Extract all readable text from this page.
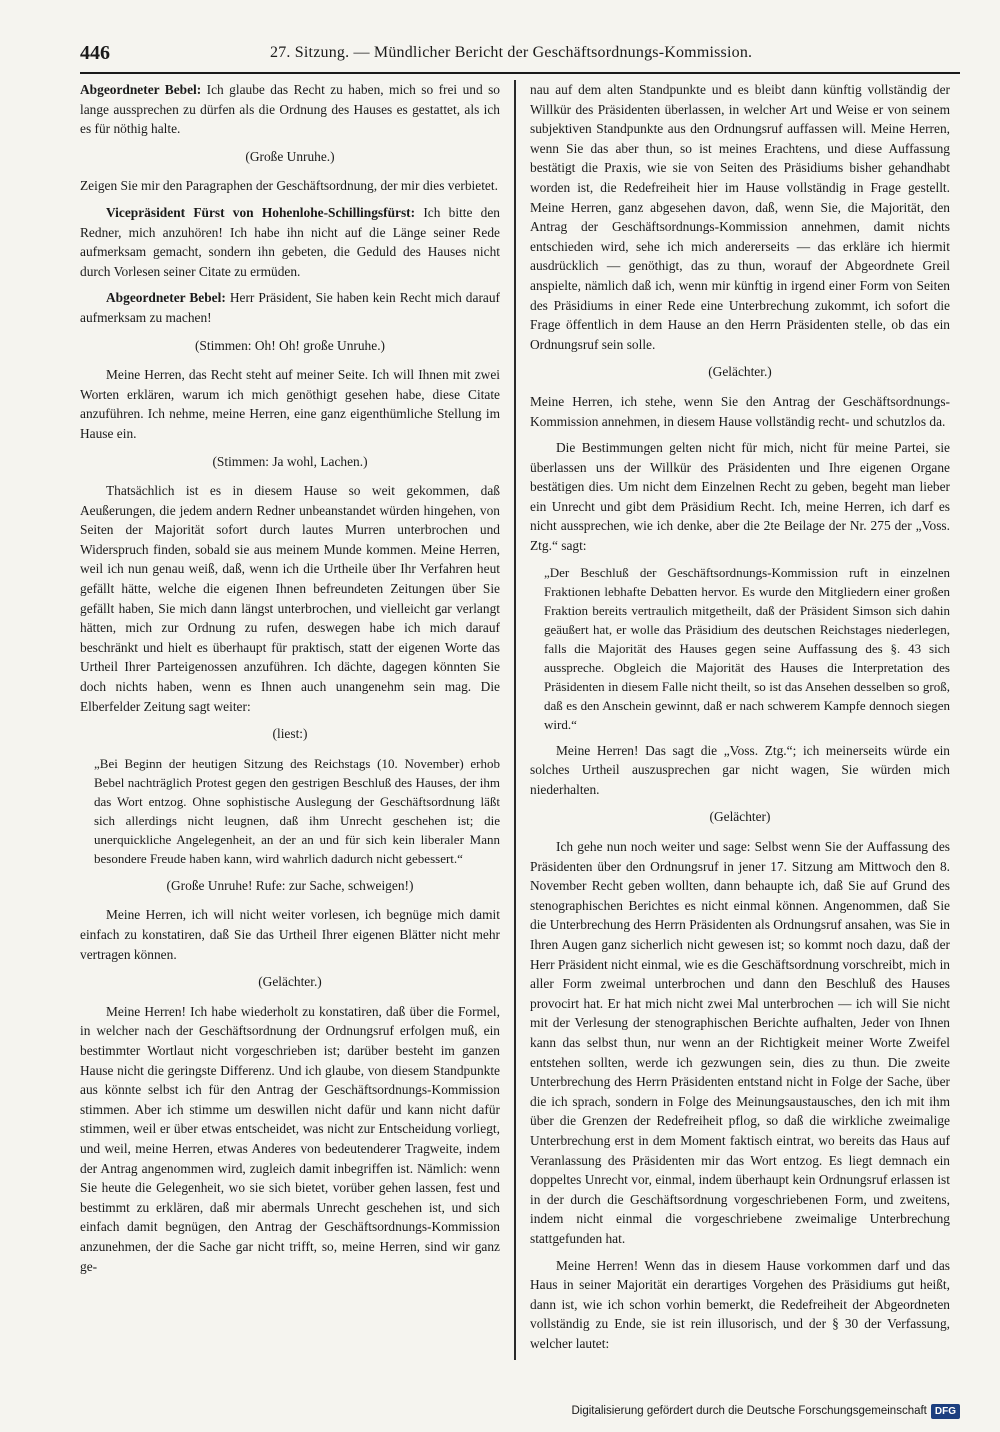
446	27. Sitzung. — Mündlicher Bericht der Geschäftsordnungs-Kommission.

Abgeordneter Bebel: Ich glaube das Recht zu haben, mich so frei und so lange aussprechen zu dürfen als die Ordnung des Hauses es gestattet, als ich es für nöthig halte.

(Große Unruhe.)

Zeigen Sie mir den Paragraphen der Geschäftsordnung, der mir dies verbietet.

Vicepräsident Fürst von Hohenlohe-Schillingsfürst: Ich bitte den Redner, mich anzuhören! Ich habe ihn nicht auf die Länge seiner Rede aufmerksam gemacht, sondern ihn gebeten, die Geduld des Hauses nicht durch Vorlesen seiner Citate zu ermüden.

Abgeordneter Bebel: Herr Präsident, Sie haben kein Recht mich darauf aufmerksam zu machen!

(Stimmen: Oh! Oh! große Unruhe.)

Meine Herren, das Recht steht auf meiner Seite. Ich will Ihnen mit zwei Worten erklären, warum ich mich genöthigt gesehen habe, diese Citate anzuführen. Ich nehme, meine Herren, eine ganz eigenthümliche Stellung im Hause ein.

(Stimmen: Ja wohl, Lachen.)

Thatsächlich ist es in diesem Hause so weit gekommen, daß Aeußerungen, die jedem andern Redner unbeanstandet würden hingehen, von Seiten der Majorität sofort durch lautes Murren unterbrochen und Widerspruch finden, sobald sie aus meinem Munde kommen. Meine Herren, weil ich nun genau weiß, daß, wenn ich die Urtheile über Ihr Verfahren heut gefällt hätte, welche die eigenen Ihnen befreundeten Zeitungen über Sie gefällt haben, Sie mich dann längst unterbrochen, und vielleicht gar verlangt hätten, mich zur Ordnung zu rufen, deswegen habe ich mich darauf beschränkt und hielt es überhaupt für praktisch, statt der eigenen Worte das Urtheil Ihrer Parteigenossen anzuführen. Ich dächte, dagegen könnten Sie doch nichts haben, wenn es Ihnen auch unangenehm sein mag. Die Elberfelder Zeitung sagt weiter:

(liest:)

„Bei Beginn der heutigen Sitzung des Reichstags (10. November) erhob Bebel nachträglich Protest gegen den gestrigen Beschluß des Hauses, der ihm das Wort entzog. Ohne sophistische Auslegung der Geschäftsordnung läßt sich allerdings nicht leugnen, daß ihm Unrecht geschehen ist; die unerquickliche Angelegenheit, an der an und für sich kein liberaler Mann besondere Freude haben kann, wird wahrlich dadurch nicht gebessert.“

(Große Unruhe! Rufe: zur Sache, schweigen!)

Meine Herren, ich will nicht weiter vorlesen, ich begnüge mich damit einfach zu konstatiren, daß Sie das Urtheil Ihrer eigenen Blätter nicht mehr vertragen können.

(Gelächter.)

Meine Herren! Ich habe wiederholt zu konstatiren, daß über die Formel, in welcher nach der Geschäftsordnung der Ordnungsruf erfolgen muß, ein bestimmter Wortlaut nicht vorgeschrieben ist; darüber besteht im ganzen Hause nicht die geringste Differenz. Und ich glaube, von diesem Standpunkte aus könnte selbst ich für den Antrag der Geschäftsordnungs-Kommission stimmen. Aber ich stimme um deswillen nicht dafür und kann nicht dafür stimmen, weil er über etwas entscheidet, was nicht zur Entscheidung vorliegt, und weil, meine Herren, etwas Anderes von bedeutenderer Tragweite, indem der Antrag angenommen wird, zugleich damit inbegriffen ist. Nämlich: wenn Sie heute die Gelegenheit, wo sie sich bietet, vorüber gehen lassen, fest und bestimmt zu erklären, daß mir abermals Unrecht geschehen ist, und sich einfach damit begnügen, den Antrag der Geschäftsordnungs-Kommission anzunehmen, der die Sache gar nicht trifft, so, meine Herren, sind wir ganz ge-

nau auf dem alten Standpunkte und es bleibt dann künftig vollständig der Willkür des Präsidenten überlassen, in welcher Art und Weise er von seinem subjektiven Standpunkte aus den Ordnungsruf auffassen will. Meine Herren, wenn Sie das aber thun, so ist meines Erachtens, und diese Auffassung bestätigt die Praxis, wie sie von Seiten des Präsidiums bisher gehandhabt worden ist, die Redefreiheit hier im Hause vollständig in Frage gestellt. Meine Herren, ganz abgesehen davon, daß, wenn Sie, die Majorität, den Antrag der Geschäftsordnungs-Kommission annehmen, damit nichts entschieden wird, sehe ich mich andererseits — das erkläre ich hiermit ausdrücklich — genöthigt, das zu thun, worauf der Abgeordnete Greil anspielte, nämlich daß ich, wenn mir künftig in irgend einer Form von Seiten des Präsidiums in einer Rede eine Unterbrechung zukommt, ich sofort die Frage öffentlich in dem Hause an den Herrn Präsidenten stelle, ob das ein Ordnungsruf sein solle.

(Gelächter.)

Meine Herren, ich stehe, wenn Sie den Antrag der Geschäftsordnungs-Kommission annehmen, in diesem Hause vollständig recht- und schutzlos da.

Die Bestimmungen gelten nicht für mich, nicht für meine Partei, sie überlassen uns der Willkür des Präsidenten und Ihre eigenen Organe bestätigen dies. Um nicht dem Einzelnen Recht zu geben, begeht man lieber ein Unrecht und gibt dem Präsidium Recht. Ich, meine Herren, ich darf es nicht aussprechen, wie ich denke, aber die 2te Beilage der Nr. 275 der „Voss. Ztg.“ sagt:

„Der Beschluß der Geschäftsordnungs-Kommission ruft in einzelnen Fraktionen lebhafte Debatten hervor. Es wurde den Mitgliedern einer großen Fraktion bereits vertraulich mitgetheilt, daß der Präsident Simson sich dahin geäußert hat, er wolle das Präsidium des deutschen Reichstages niederlegen, falls die Majorität des Hauses gegen seine Auffassung des §. 43 sich ausspreche. Obgleich die Majorität des Hauses die Interpretation des Präsidenten in diesem Falle nicht theilt, so ist das Ansehen desselben so groß, daß es den Anschein gewinnt, daß er nach schwerem Kampfe dennoch siegen wird.“

Meine Herren! Das sagt die „Voss. Ztg.“; ich meinerseits würde ein solches Urtheil auszusprechen gar nicht wagen, Sie würden mich niederhalten.

(Gelächter)

Ich gehe nun noch weiter und sage: Selbst wenn Sie der Auffassung des Präsidenten über den Ordnungsruf in jener 17. Sitzung am Mittwoch den 8. November Recht geben wollten, dann behaupte ich, daß Sie auf Grund des stenographischen Berichtes es nicht einmal können. Angenommen, daß Sie die Unterbrechung des Herrn Präsidenten als Ordnungsruf ansahen, was Sie in Ihren Augen ganz sicherlich nicht gewesen ist; so kommt noch dazu, daß der Herr Präsident nicht einmal, wie es die Geschäftsordnung vorschreibt, mich in aller Form zweimal unterbrochen und dann den Beschluß des Hauses provocirt hat. Er hat mich nicht zwei Mal unterbrochen — ich will Sie nicht mit der Verlesung der stenographischen Berichte aufhalten, Jeder von Ihnen kann das selbst thun, nur wenn an der Richtigkeit meiner Worte Zweifel entstehen sollten, werde ich gezwungen sein, dies zu thun. Die zweite Unterbrechung des Herrn Präsidenten entstand nicht in Folge der Sache, über die ich sprach, sondern in Folge des Meinungsaustausches, den ich mit ihm über die Grenzen der Redefreiheit pflog, so daß die wirkliche zweimalige Unterbrechung erst in dem Moment faktisch eintrat, wo bereits das Haus auf Veranlassung des Präsidenten mir das Wort entzog. Es liegt demnach ein doppeltes Unrecht vor, einmal, indem überhaupt kein Ordnungsruf erlassen ist in der durch die Geschäftsordnung vorgeschriebenen Form, und zweitens, indem nicht einmal die vorgeschriebene zweimalige Unterbrechung stattgefunden hat.

Meine Herren! Wenn das in diesem Hause vorkommen darf und das Haus in seiner Majorität ein derartiges Vorgehen des Präsidiums gut heißt, dann ist, wie ich schon vorhin bemerkt, die Redefreiheit der Abgeordneten vollständig zu Ende, sie ist rein illusorisch, und der § 30 der Verfassung, welcher lautet:

Digitalisierung gefördert durch die Deutsche Forschungsgemeinschaft DFG
